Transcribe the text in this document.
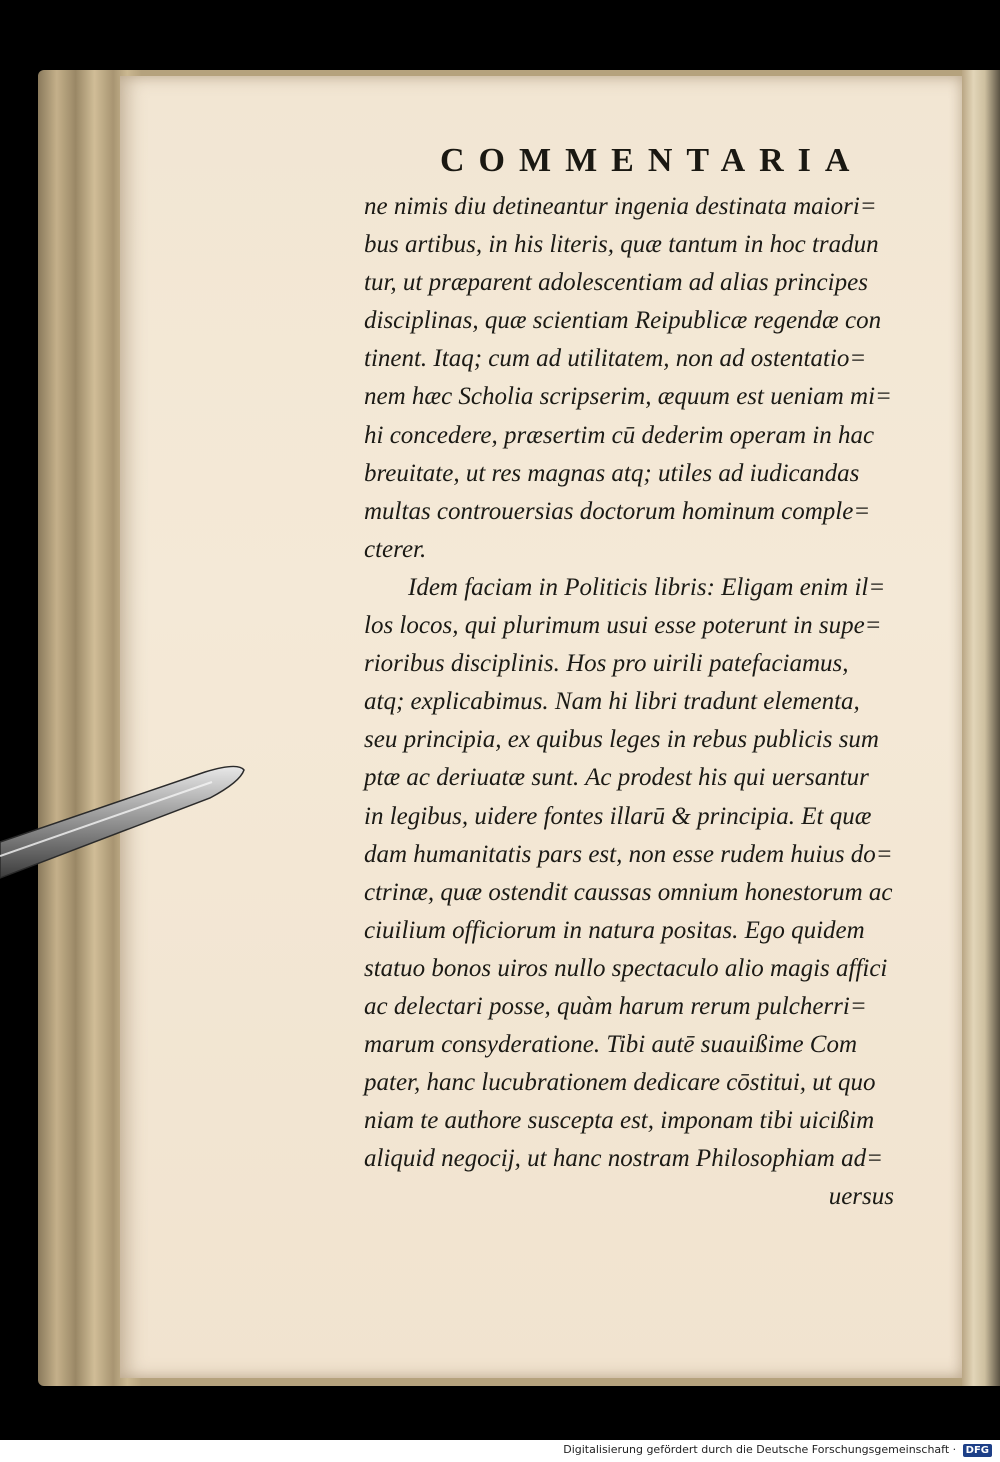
COMMENTARIA
ne nimis diu detineantur ingenia destinata maiori=
bus artibus, in his literis, quæ tantum in hoc tradun
tur, ut præparent adolescentiam ad alias principes
disciplinas, quæ scientiam Reipublicæ regendæ con
tinent. Itaq; cum ad utilitatem, non ad ostentatio=
nem hæc Scholia scripserim, æquum est ueniam mi=
hi concedere, præsertim cū dederim operam in hac
breuitate, ut res magnas atq; utiles ad iudicandas
multas controuersias doctorum hominum comple=
cterer.
Idem faciam in Politicis libris: Eligam enim il=
los locos, qui plurimum usui esse poterunt in supe=
rioribus disciplinis. Hos pro uirili patefaciamus,
atq; explicabimus. Nam hi libri tradunt elementa,
seu principia, ex quibus leges in rebus publicis sum
ptæ ac deriuatæ sunt. Ac prodest his qui uersantur
in legibus, uidere fontes illarū & principia. Et quæ
dam humanitatis pars est, non esse rudem huius do=
ctrinæ, quæ ostendit caussas omnium honestorum ac
ciuilium officiorum in natura positas. Ego quidem
statuo bonos uiros nullo spectaculo alio magis affici
ac delectari posse, quàm harum rerum pulcherri=
marum consyderatione. Tibi autē suauißime Com
pater, hanc lucubrationem dedicare cōstitui, ut quo
niam te authore suscepta est, imponam tibi uicißim
aliquid negocij, ut hanc nostram Philosophiam ad=
uersus
Digitalisierung gefördert durch die Deutsche Forschungsgemeinschaft · DFG
